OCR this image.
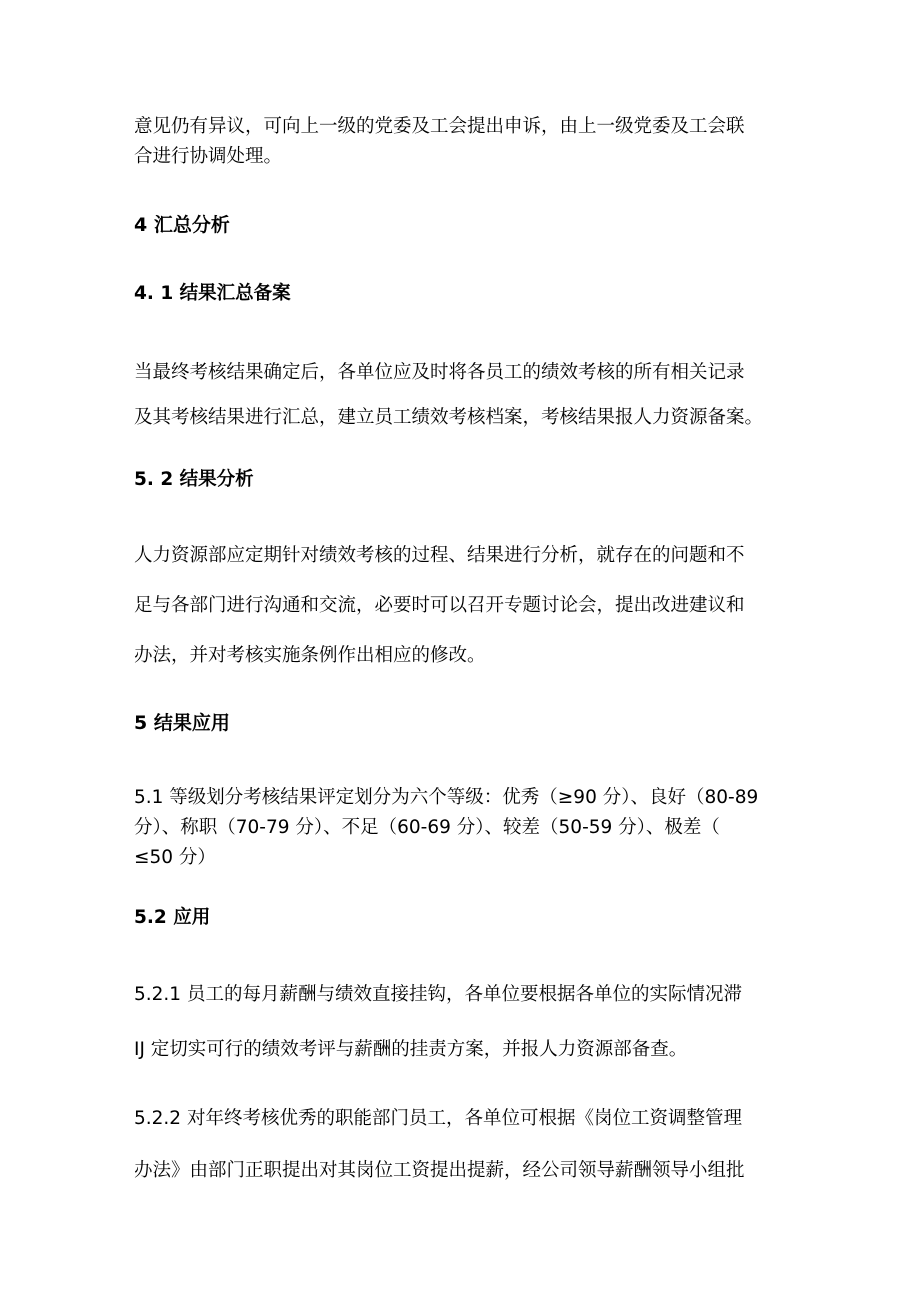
意见仍有异议，可向上一级的党委及工会提出申诉，由上一级党委及工会联
合进行协调处理。

4 汇总分析
4. 1 结果汇总备案

当最终考核结果确定后，各单位应及时将各员工的绩效考核的所有相关记录
及其考核结果进行汇总，建立员工绩效考核档案，考核结果报人力资源备案。

5. 2 结果分析

人力资源部应定期针对绩效考核的过程、结果进行分析，就存在的问题和不
足与各部门进行沟通和交流，必要时可以召开专题讨论会，提出改进建议和
办法，并对考核实施条例作出相应的修改。

5 结果应用

5.1 等级划分考核结果评定划分为六个等级：优秀（≥90 分）、良好（80-89
分）、称职（70-79 分）、不足（60-69 分）、较差（50-59 分）、极差（
≤50 分）

5.2 应用

5.2.1 员工的每月薪酬与绩效直接挂钩，各单位要根据各单位的实际情况滞
IJ 定切实可行的绩效考评与薪酬的挂责方案，并报人力资源部备查。

5.2.2 对年终考核优秀的职能部门员工，各单位可根据《岗位工资调整管理
办法》由部门正职提出对其岗位工资提出提薪，经公司领导薪酬领导小组批
